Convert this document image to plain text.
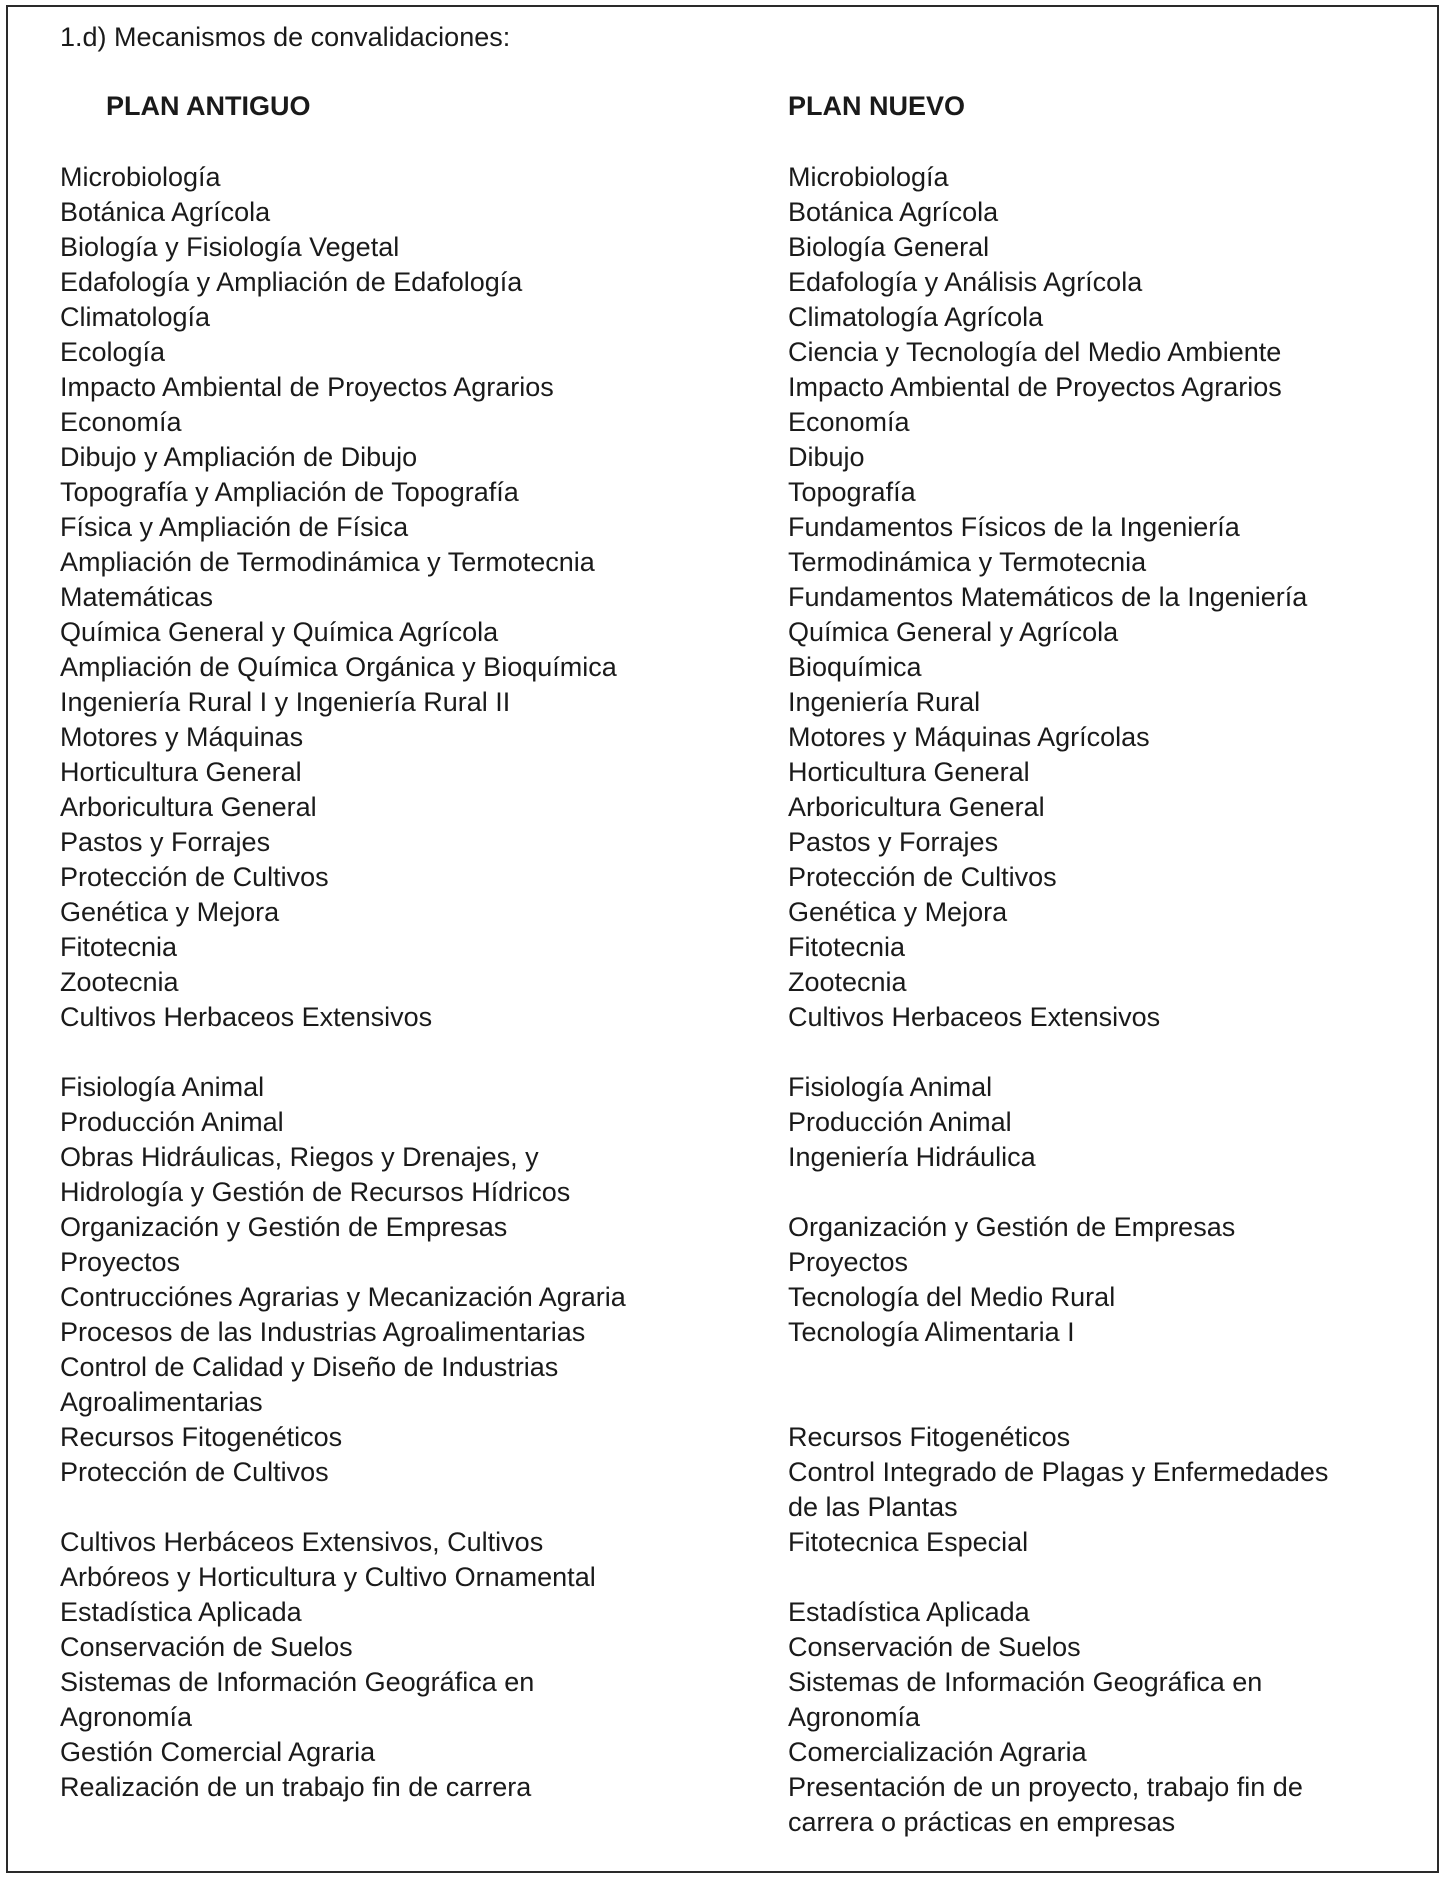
1.d) Mecanismos de convalidaciones:
PLAN ANTIGUO	PLAN NUEVO
Microbiología
Botánica Agrícola
Biología y Fisiología Vegetal
Edafología y Ampliación de Edafología
Climatología
Ecología
Impacto Ambiental de Proyectos Agrarios
Economía
Dibujo y Ampliación de Dibujo
Topografía y Ampliación de Topografía
Física y Ampliación de Física
Ampliación de Termodinámica y Termotecnia
Matemáticas
Química General y Química Agrícola
Ampliación de Química Orgánica y Bioquímica
Ingeniería Rural I y Ingeniería Rural II
Motores y Máquinas
Horticultura General
Arboricultura General
Pastos y Forrajes
Protección de Cultivos
Genética y Mejora
Fitotecnia
Zootecnia
Cultivos Herbaceos Extensivos
Fisiología Animal
Producción Animal
Obras Hidráulicas, Riegos y Drenajes, y
Hidrología y Gestión de Recursos Hídricos
Organización y Gestión de Empresas
Proyectos
Contrucciónes Agrarias y Mecanización Agraria
Procesos de las Industrias Agroalimentarias
Control de Calidad y Diseño de Industrias
Agroalimentarias
Recursos Fitogenéticos
Protección de Cultivos
Cultivos Herbáceos Extensivos, Cultivos
Arbóreos y Horticultura y Cultivo Ornamental
Estadística Aplicada
Conservación de Suelos
Sistemas de Información Geográfica en
Agronomía
Gestión Comercial Agraria
Realización de un trabajo fin de carrera
Microbiología
Botánica Agrícola
Biología General
Edafología y Análisis Agrícola
Climatología Agrícola
Ciencia y Tecnología del Medio Ambiente
Impacto Ambiental de Proyectos Agrarios
Economía
Dibujo
Topografía
Fundamentos Físicos de la Ingeniería
Termodinámica y Termotecnia
Fundamentos Matemáticos de la Ingeniería
Química General y Agrícola
Bioquímica
Ingeniería Rural
Motores y Máquinas Agrícolas
Horticultura General
Arboricultura General
Pastos y Forrajes
Protección de Cultivos
Genética y Mejora
Fitotecnia
Zootecnia
Cultivos Herbaceos Extensivos
Fisiología Animal
Producción Animal
Ingeniería Hidráulica
Organización y Gestión de Empresas
Proyectos
Tecnología del Medio Rural
Tecnología Alimentaria I
Recursos Fitogenéticos
Control Integrado de Plagas y Enfermedades
de las Plantas
Fitotecnica Especial
Estadística Aplicada
Conservación de Suelos
Sistemas de Información Geográfica en
Agronomía
Comercialización Agraria
Presentación de un proyecto, trabajo fin de
carrera o prácticas en empresas
